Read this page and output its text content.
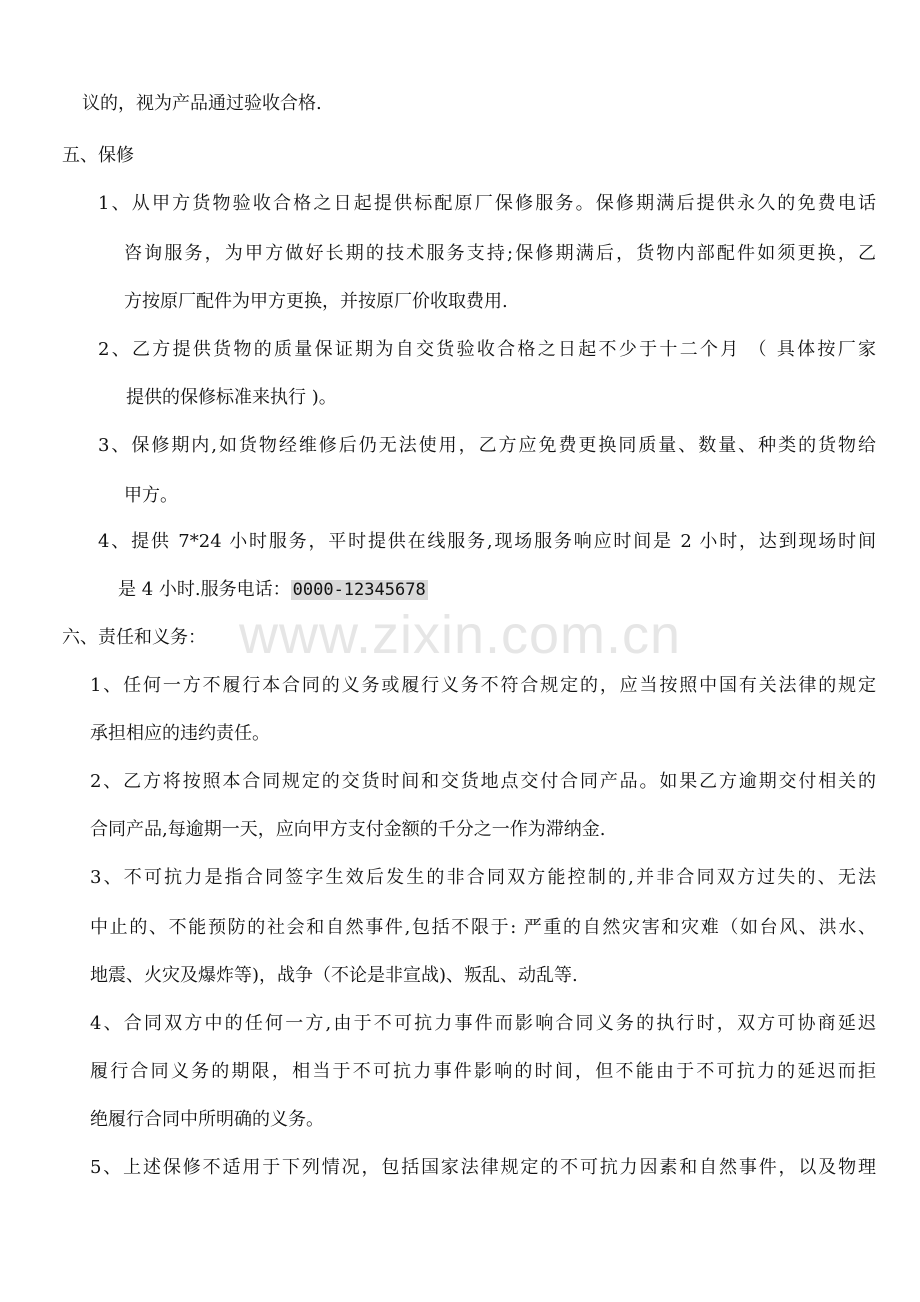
www.zixin.com.cn

议的，视为产品通过验收合格.

五、保修

1、从甲方货物验收合格之日起提供标配原厂保修服务。保修期满后提供永久的免费电话

咨询服务，为甲方做好长期的技术服务支持;保修期满后，货物内部配件如须更换，乙

方按原厂配件为甲方更换，并按原厂价收取费用.

2、乙方提供货物的质量保证期为自交货验收合格之日起不少于十二个月 （ 具体按厂家

提供的保修标准来执行 )。

3、保修期内,如货物经维修后仍无法使用，乙方应免费更换同质量、数量、种类的货物给

甲方。

4、提供 7*24 小时服务，平时提供在线服务,现场服务响应时间是 2 小时，达到现场时间

是 4 小时.服务电话： 0000-12345678

六、责任和义务：

1、任何一方不履行本合同的义务或履行义务不符合规定的，应当按照中国有关法律的规定

承担相应的违约责任。

2、乙方将按照本合同规定的交货时间和交货地点交付合同产品。如果乙方逾期交付相关的

合同产品,每逾期一天，应向甲方支付金额的千分之一作为滞纳金.

3、不可抗力是指合同签字生效后发生的非合同双方能控制的,并非合同双方过失的、无法

中止的、不能预防的社会和自然事件,包括不限于: 严重的自然灾害和灾难（如台风、洪水、

地震、火灾及爆炸等)，战争（不论是非宣战)、叛乱、动乱等.

4、合同双方中的任何一方,由于不可抗力事件而影响合同义务的执行时，双方可协商延迟

履行合同义务的期限，相当于不可抗力事件影响的时间，但不能由于不可抗力的延迟而拒

绝履行合同中所明确的义务。

5、上述保修不适用于下列情况，包括国家法律规定的不可抗力因素和自然事件，以及物理
